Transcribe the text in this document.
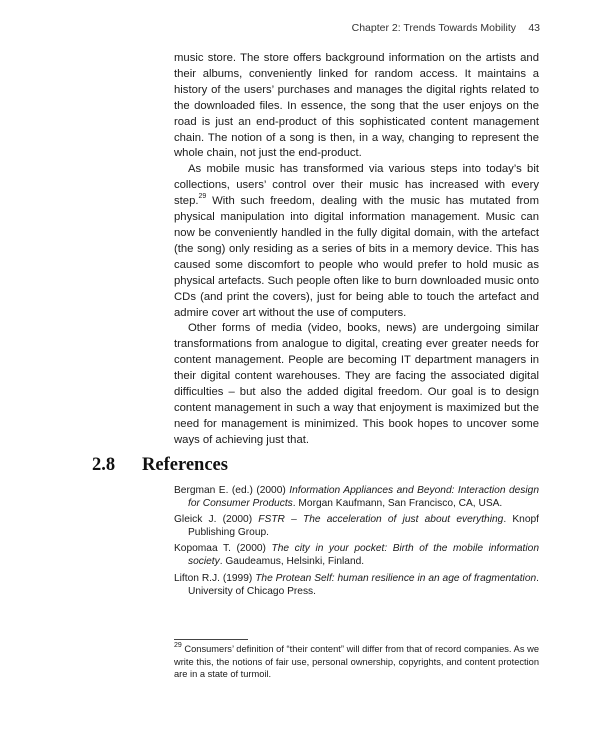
Chapter 2: Trends Towards Mobility 43

music store. The store offers background information on the artists and their albums, conveniently linked for random access. It maintains a history of the users’ purchases and manages the digital rights related to the downloaded files. In essence, the song that the user enjoys on the road is just an end-product of this sophisticated content management chain. The notion of a song is then, in a way, changing to represent the whole chain, not just the end-product.

As mobile music has transformed via various steps into today’s bit collections, users’ control over their music has increased with every step.$^{29}$ With such freedom, dealing with the music has mutated from physical manipulation into digital information management. Music can now be conveniently handled in the fully digital domain, with the artefact (the song) only residing as a series of bits in a memory device. This has caused some discomfort to people who would prefer to hold music as physical artefacts. Such people often like to burn downloaded music onto CDs (and print the covers), just for being able to touch the artefact and admire cover art without the use of computers.

Other forms of media (video, books, news) are undergoing similar transformations from analogue to digital, creating ever greater needs for content management. People are becoming IT department managers in their digital content warehouses. They are facing the associated digital difficulties – but also the added digital freedom. Our goal is to design content management in such a way that enjoyment is maximized but the need for management is minimized. This book hopes to uncover some ways of achieving just that.

2.8 References
Bergman E. (ed.) (2000) Information Appliances and Beyond: Interaction design for Consumer Products. Morgan Kaufmann, San Francisco, CA, USA.
Gleick J. (2000) FSTR – The acceleration of just about everything. Knopf Publishing Group.
Kopomaa T. (2000) The city in your pocket: Birth of the mobile information society. Gaudeamus, Helsinki, Finland.
Lifton R.J. (1999) The Protean Self: human resilience in an age of fragmentation. University of Chicago Press.

$^{29}$ Consumers’ definition of “their content” will differ from that of record companies. As we write this, the notions of fair use, personal ownership, copyrights, and content protection are in a state of turmoil.
